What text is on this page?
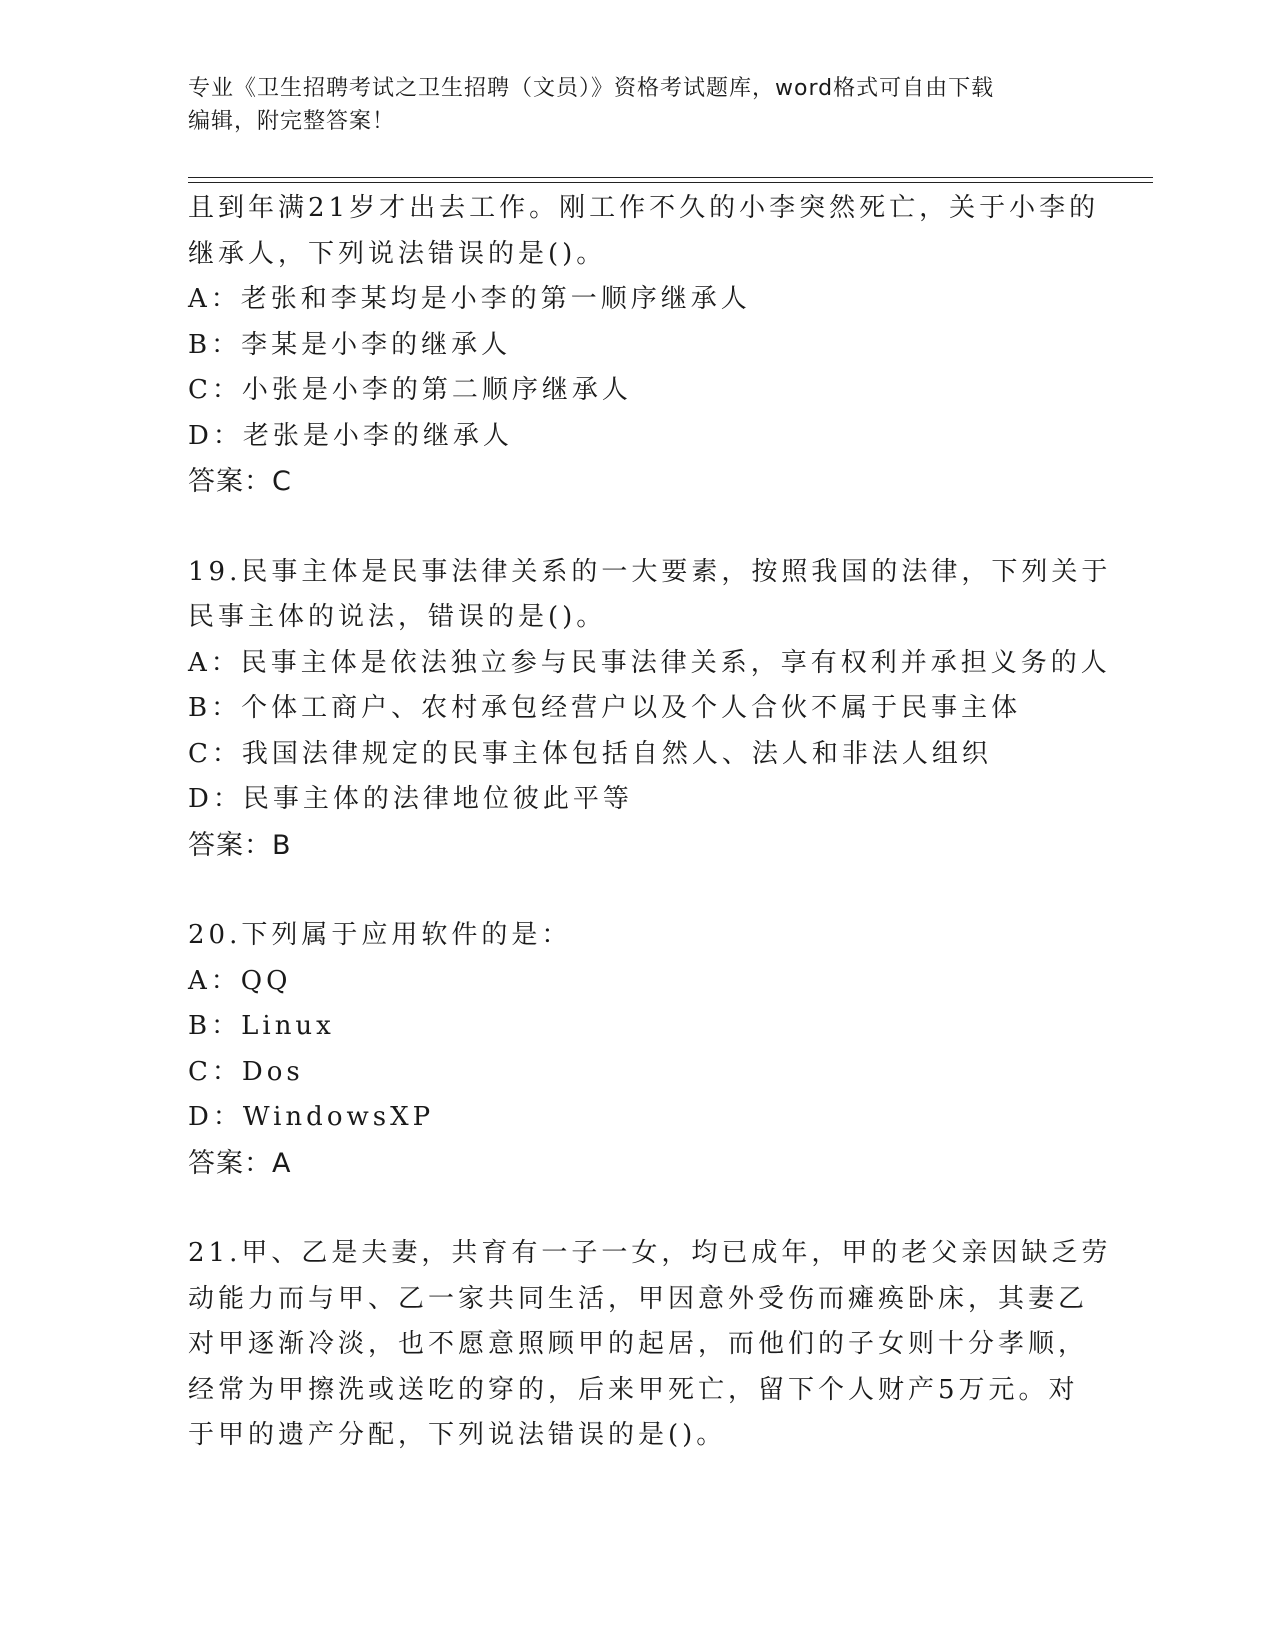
专业《卫生招聘考试之卫生招聘（文员）》资格考试题库，word格式可自由下载
编辑，附完整答案！
且到年满21岁才出去工作。刚工作不久的小李突然死亡，关于小李的
继承人，下列说法错误的是()。
A：老张和李某均是小李的第一顺序继承人
B：李某是小李的继承人
C：小张是小李的第二顺序继承人
D：老张是小李的继承人
答案：C
19.民事主体是民事法律关系的一大要素，按照我国的法律，下列关于
民事主体的说法，错误的是()。
A：民事主体是依法独立参与民事法律关系，享有权利并承担义务的人
B：个体工商户、农村承包经营户以及个人合伙不属于民事主体
C：我国法律规定的民事主体包括自然人、法人和非法人组织
D：民事主体的法律地位彼此平等
答案：B
20.下列属于应用软件的是：
A：QQ
B：Linux
C：Dos
D：WindowsXP
答案：A
21.甲、乙是夫妻，共育有一子一女，均已成年，甲的老父亲因缺乏劳
动能力而与甲、乙一家共同生活，甲因意外受伤而瘫痪卧床，其妻乙
对甲逐渐冷淡，也不愿意照顾甲的起居，而他们的子女则十分孝顺，
经常为甲擦洗或送吃的穿的，后来甲死亡，留下个人财产5万元。对
于甲的遗产分配，下列说法错误的是()。
